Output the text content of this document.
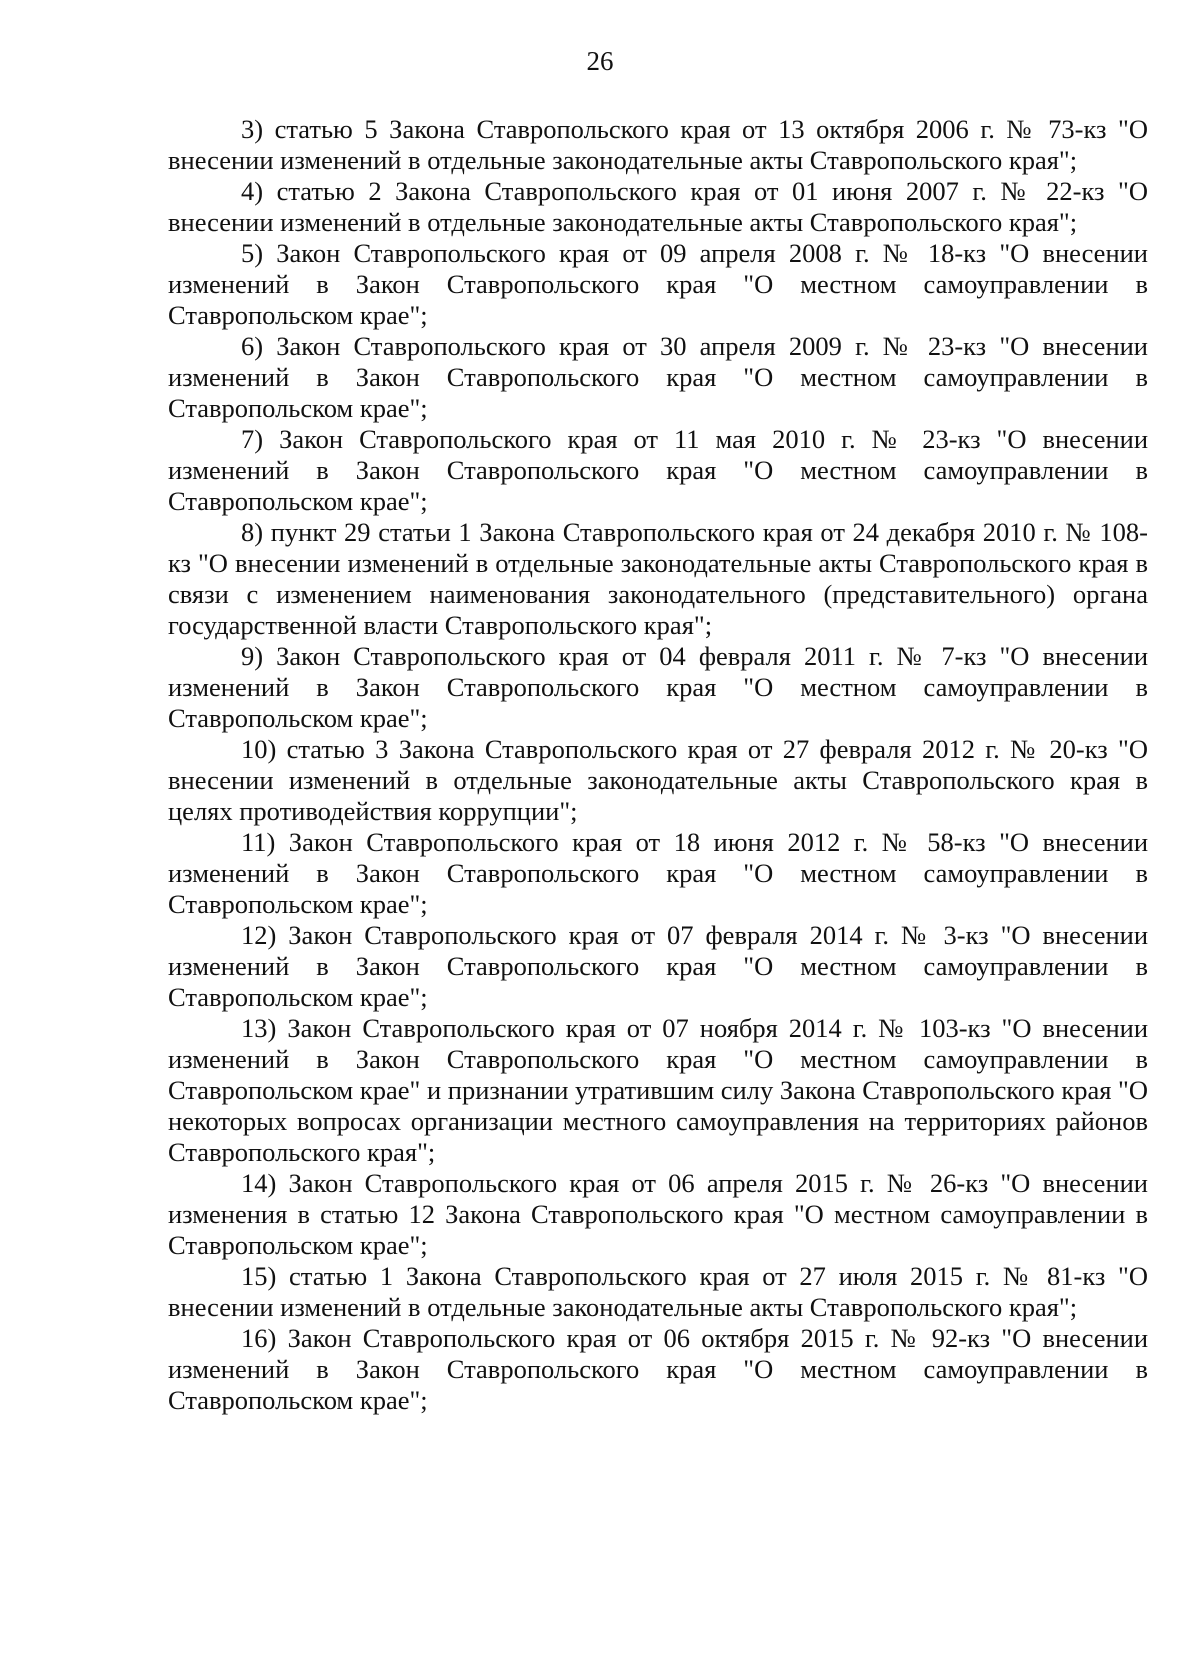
26

3) статью 5 Закона Ставропольского края от 13 октября 2006 г. № 73-кз "О внесении изменений в отдельные законодательные акты Ставропольского края";

4) статью 2 Закона Ставропольского края от 01 июня 2007 г. № 22-кз "О внесении изменений в отдельные законодательные акты Ставропольского края";

5) Закон Ставропольского края от 09 апреля 2008 г. № 18-кз "О внесении изменений в Закон Ставропольского края "О местном самоуправлении в Ставропольском крае";

6) Закон Ставропольского края от 30 апреля 2009 г. № 23-кз "О внесении изменений в Закон Ставропольского края "О местном самоуправлении в Ставропольском крае";

7) Закон Ставропольского края от 11 мая 2010 г. № 23-кз "О внесении изменений в Закон Ставропольского края "О местном самоуправлении в Ставропольском крае";

8) пункт 29 статьи 1 Закона Ставропольского края от 24 декабря 2010 г. № 108-кз "О внесении изменений в отдельные законодательные акты Ставропольского края в связи с изменением наименования законодательного (представительного) органа государственной власти Ставропольского края";

9) Закон Ставропольского края от 04 февраля 2011 г. № 7-кз "О внесении изменений в Закон Ставропольского края "О местном самоуправлении в Ставропольском крае";

10) статью 3 Закона Ставропольского края от 27 февраля 2012 г. № 20-кз "О внесении изменений в отдельные законодательные акты Ставропольского края в целях противодействия коррупции";

11) Закон Ставропольского края от 18 июня 2012 г. № 58-кз "О внесении изменений в Закон Ставропольского края "О местном самоуправлении в Ставропольском крае";

12) Закон Ставропольского края от 07 февраля 2014 г. № 3-кз "О внесении изменений в Закон Ставропольского края "О местном самоуправлении в Ставропольском крае";

13) Закон Ставропольского края от 07 ноября 2014 г. № 103-кз "О внесении изменений в Закон Ставропольского края "О местном самоуправлении в Ставропольском крае" и признании утратившим силу Закона Ставропольского края "О некоторых вопросах организации местного самоуправления на территориях районов Ставропольского края";

14) Закон Ставропольского края от 06 апреля 2015 г. № 26-кз "О внесении изменения в статью 12 Закона Ставропольского края "О местном самоуправлении в Ставропольском крае";

15) статью 1 Закона Ставропольского края от 27 июля 2015 г. № 81-кз "О внесении изменений в отдельные законодательные акты Ставропольского края";

16) Закон Ставропольского края от 06 октября 2015 г. № 92-кз "О внесении изменений в Закон Ставропольского края "О местном самоуправлении в Ставропольском крае";
